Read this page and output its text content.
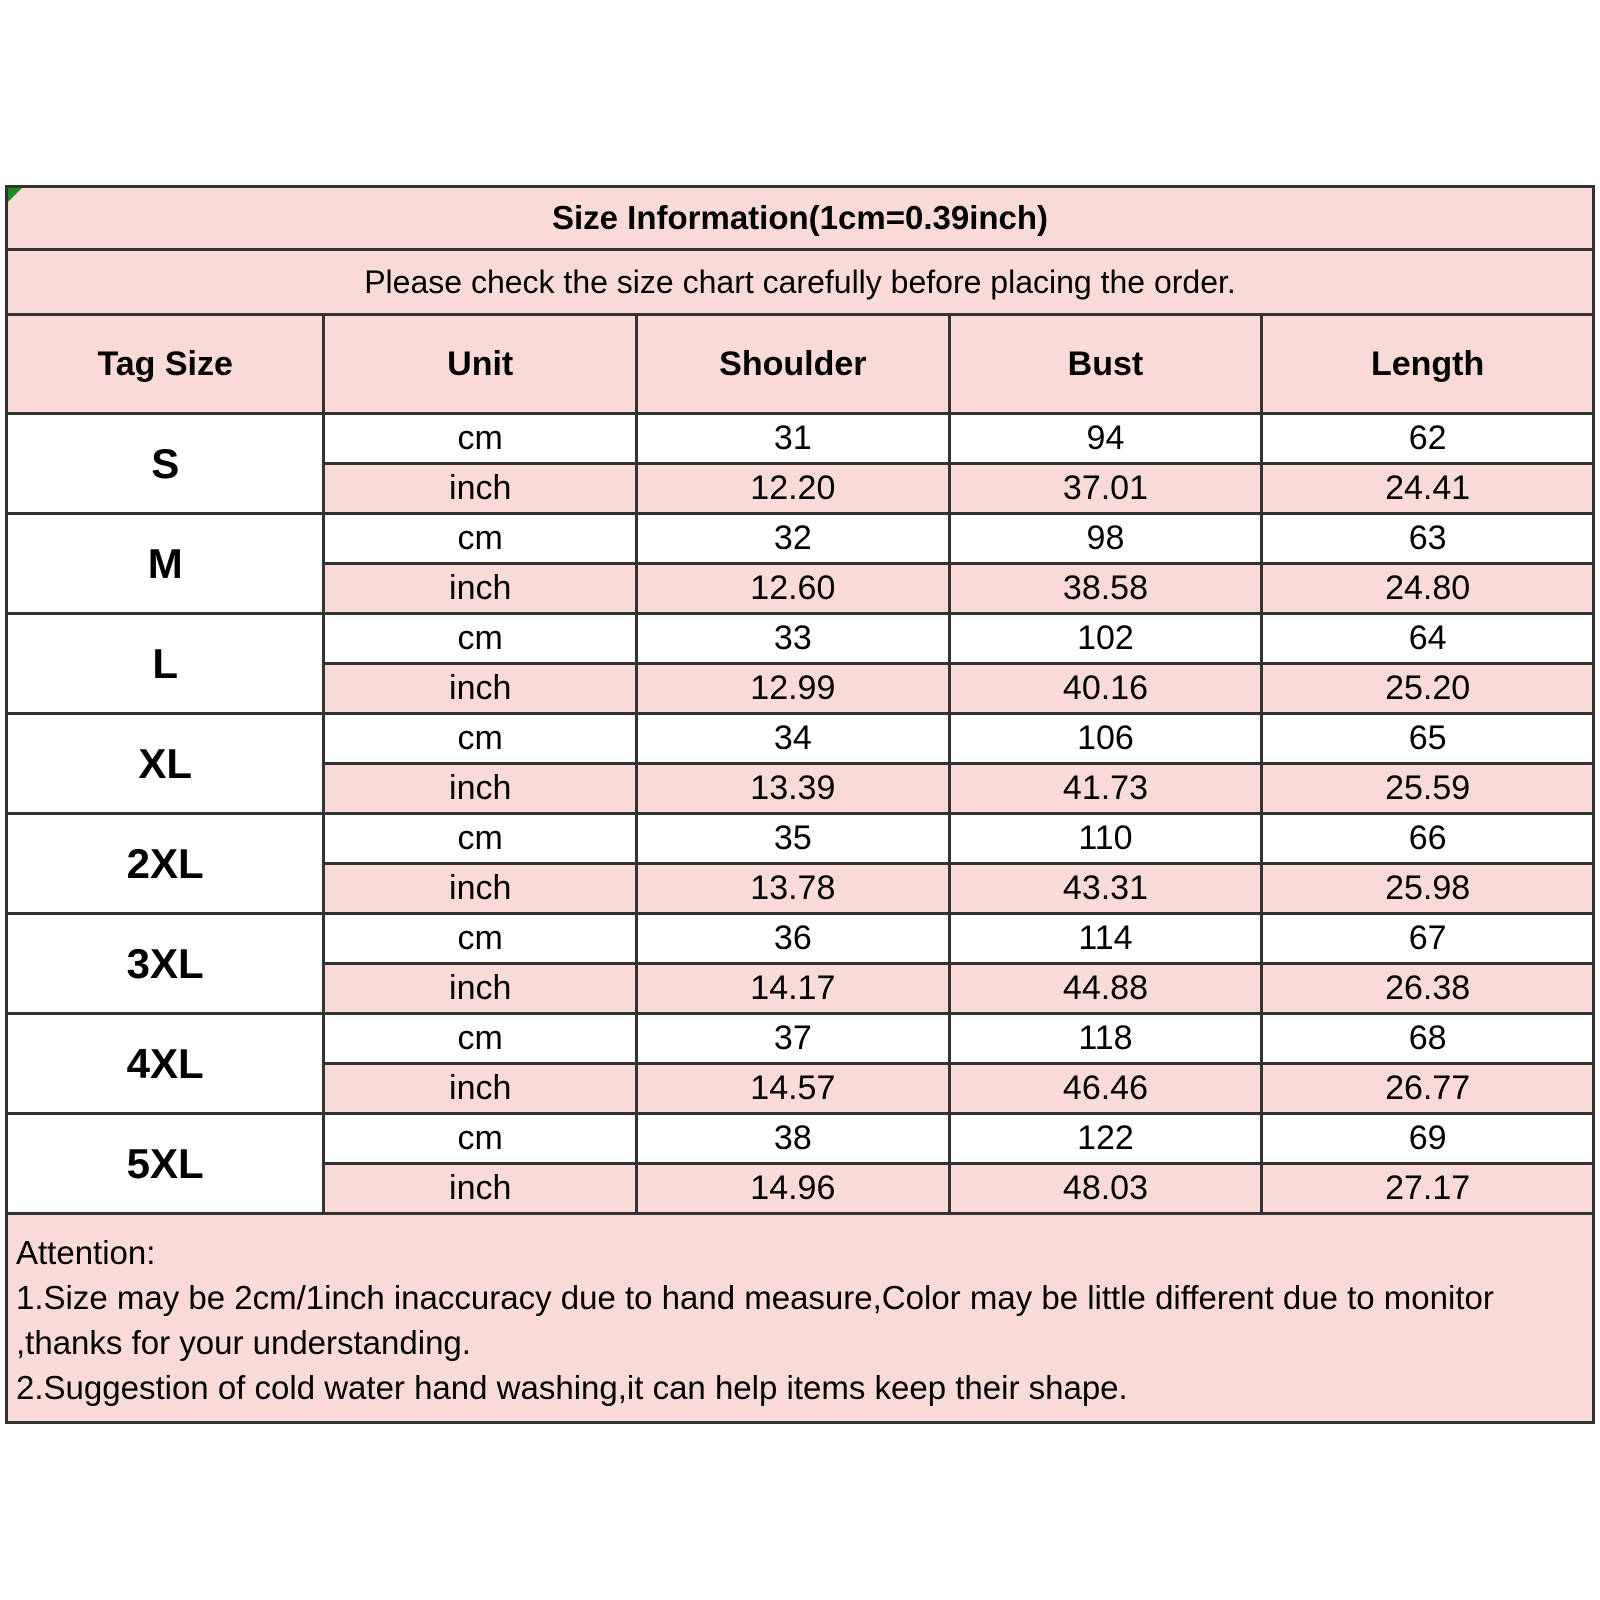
Size Information(1cm=0.39inch)				
Please check the size chart carefully before placing the order.				
Tag Size	Unit	Shoulder	Bust	Length
S	cm	31	94	62
	inch	12.20	37.01	24.41
M	cm	32	98	63
	inch	12.60	38.58	24.80
L	cm	33	102	64
	inch	12.99	40.16	25.20
XL	cm	34	106	65
	inch	13.39	41.73	25.59
2XL	cm	35	110	66
	inch	13.78	43.31	25.98
3XL	cm	36	114	67
	inch	14.17	44.88	26.38
4XL	cm	37	118	68
	inch	14.57	46.46	26.77
5XL	cm	38	122	69
	inch	14.96	48.03	27.17

Attention:
1.Size may be 2cm/1inch inaccuracy due to hand measure,Color may be little different due to monitor
,thanks for your understanding.
2.Suggestion of cold water hand washing,it can help items keep their shape.				
